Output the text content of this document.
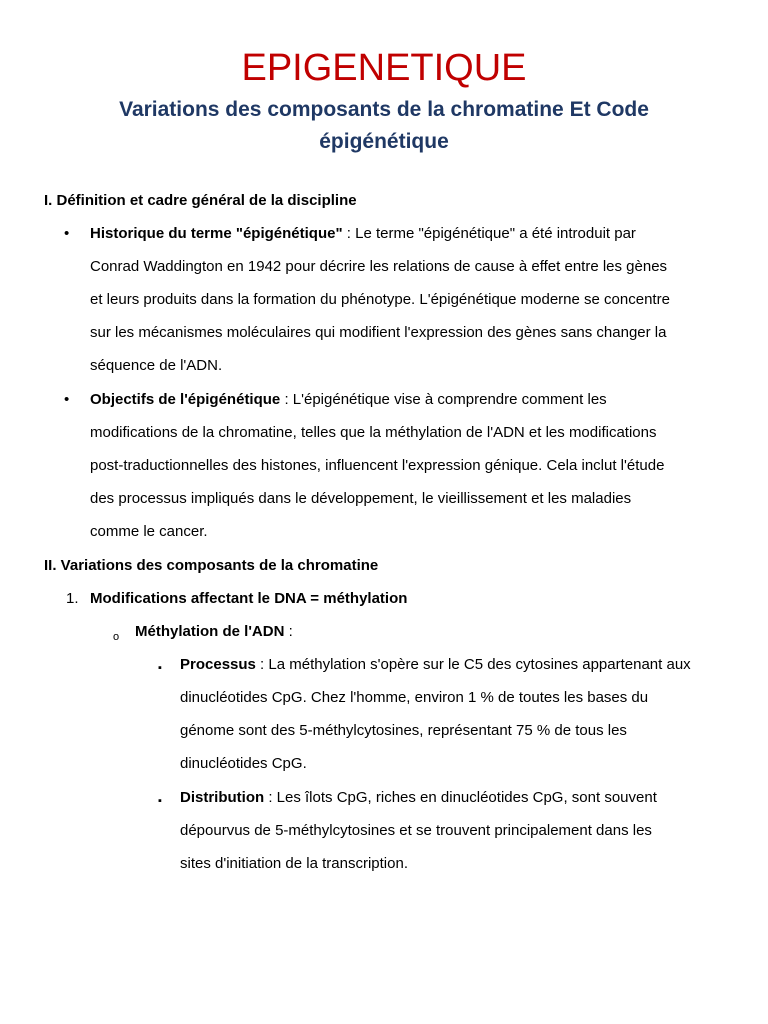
EPIGENETIQUE
Variations des composants de la chromatine Et Code
épigénétique
I. Définition et cadre général de la discipline
• Historique du terme "épigénétique" : Le terme "épigénétique" a été introduit par
Conrad Waddington en 1942 pour décrire les relations de cause à effet entre les gènes
et leurs produits dans la formation du phénotype. L'épigénétique moderne se concentre
sur les mécanismes moléculaires qui modifient l'expression des gènes sans changer la
séquence de l'ADN.
• Objectifs de l'épigénétique : L'épigénétique vise à comprendre comment les
modifications de la chromatine, telles que la méthylation de l'ADN et les modifications
post-traductionnelles des histones, influencent l'expression génique. Cela inclut l'étude
des processus impliqués dans le développement, le vieillissement et les maladies
comme le cancer.
II. Variations des composants de la chromatine
1. Modifications affectant le DNA = méthylation
o Méthylation de l'ADN :
▪ Processus : La méthylation s'opère sur le C5 des cytosines appartenant aux
dinucléotides CpG. Chez l'homme, environ 1 % de toutes les bases du
génome sont des 5-méthylcytosines, représentant 75 % de tous les
dinucléotides CpG.
▪ Distribution : Les îlots CpG, riches en dinucléotides CpG, sont souvent
dépourvus de 5-méthylcytosines et se trouvent principalement dans les
sites d'initiation de la transcription.
